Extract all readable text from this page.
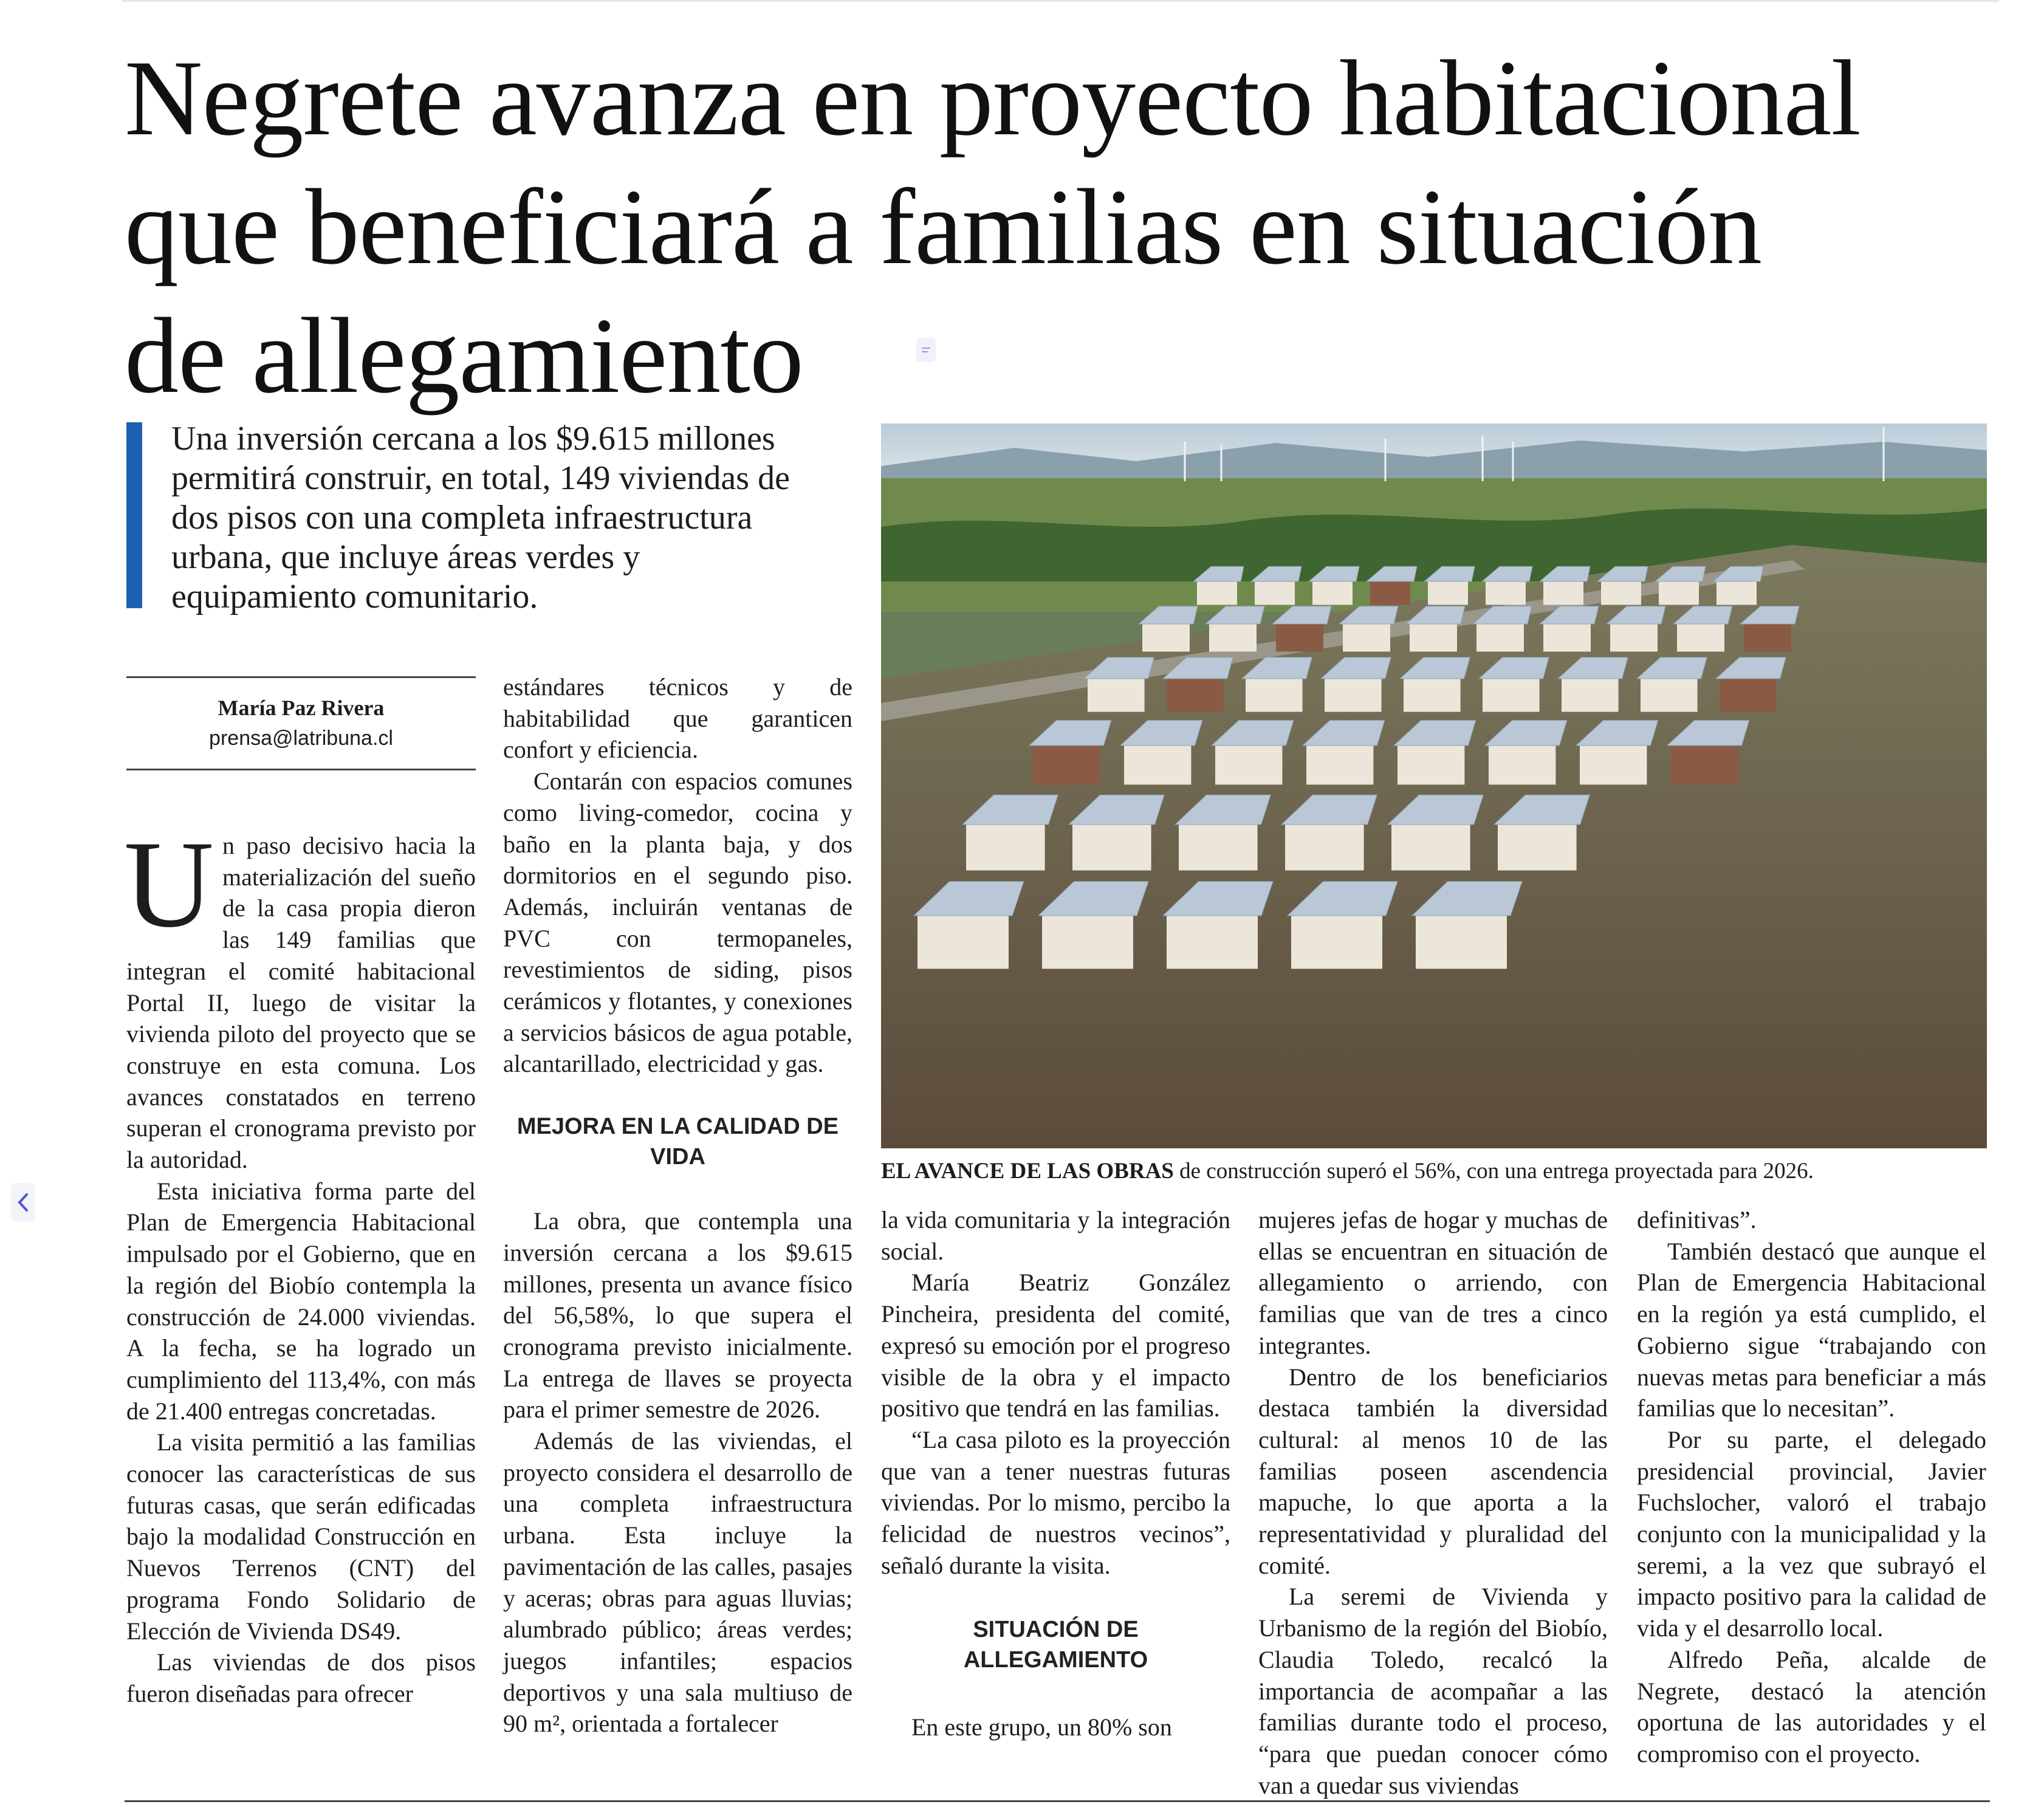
Negrete avanza en proyecto habitacional
que beneficiará a familias en situación
de allegamiento
Una inversión cercana a los $9.615 millones
permitirá construir, en total, 149 viviendas de
dos pisos con una completa infraestructura
urbana, que incluye áreas verdes y
equipamiento comunitario.

EL AVANCE DE LAS OBRAS de construcción superó el 56%, con una entrega proyectada para 2026.

María Paz Rivera
prensa@latribuna.cl

Un paso decisivo hacia la materialización del sueño de la casa propia dieron las 149 familias que integran el comité habitacional Portal II, luego de visitar la vivienda piloto del proyecto que se construye en esta comuna. Los avances constatados en terreno superan el cronograma previsto por la autoridad.

Esta iniciativa forma parte del Plan de Emergencia Habitacional impulsado por el Gobierno, que en la región del Biobío contempla la construcción de 24.000 viviendas. A la fecha, se ha logrado un cumplimiento del 113,4%, con más de 21.400 entregas concretadas.

La visita permitió a las familias conocer las características de sus futuras casas, que serán edificadas bajo la modalidad Construcción en Nuevos Terrenos (CNT) del programa Fondo Solidario de Elección de Vivienda DS49.

Las viviendas de dos pisos fueron diseñadas para ofrecer

estándares técnicos y de habitabilidad que garanticen confort y eficiencia.

Contarán con espacios comunes como living-comedor, cocina y baño en la planta baja, y dos dormitorios en el segundo piso. Además, incluirán ventanas de PVC con termopaneles, revestimientos de siding, pisos cerámicos y flotantes, y conexiones a servicios básicos de agua potable, alcantarillado, electricidad y gas.

MEJORA EN LA CALIDAD DE VIDA

La obra, que contempla una inversión cercana a los $9.615 millones, presenta un avance físico del 56,58%, lo que supera el cronograma previsto inicialmente. La entrega de llaves se proyecta para el primer semestre de 2026.

Además de las viviendas, el proyecto considera el desarrollo de una completa infraestructura urbana. Esta incluye la pavimentación de las calles, pasajes y aceras; obras para aguas lluvias; alumbrado público; áreas verdes; juegos infantiles; espacios deportivos y una sala multiuso de 90 m², orientada a fortalecer

la vida comunitaria y la integración social.

María Beatriz González Pincheira, presidenta del comité, expresó su emoción por el progreso visible de la obra y el impacto positivo que tendrá en las familias.

“La casa piloto es la proyección que van a tener nuestras futuras viviendas. Por lo mismo, percibo la felicidad de nuestros vecinos”, señaló durante la visita.

SITUACIÓN DE ALLEGAMIENTO

En este grupo, un 80% son

mujeres jefas de hogar y muchas de ellas se encuentran en situación de allegamiento o arriendo, con familias que van de tres a cinco integrantes.

Dentro de los beneficiarios destaca también la diversidad cultural: al menos 10 de las familias poseen ascendencia mapuche, lo que aporta a la representatividad y pluralidad del comité.

La seremi de Vivienda y Urbanismo de la región del Biobío, Claudia Toledo, recalcó la importancia de acompañar a las familias durante todo el proceso, “para que puedan conocer cómo van a quedar sus viviendas

definitivas”.

También destacó que aunque el Plan de Emergencia Habitacional en la región ya está cumplido, el Gobierno sigue “trabajando con nuevas metas para beneficiar a más familias que lo necesitan”.

Por su parte, el delegado presidencial provincial, Javier Fuchslocher, valoró el trabajo conjunto con la municipalidad y la seremi, a la vez que subrayó el impacto positivo para la calidad de vida y el desarrollo local.

Alfredo Peña, alcalde de Negrete, destacó la atención oportuna de las autoridades y el compromiso con el proyecto.
